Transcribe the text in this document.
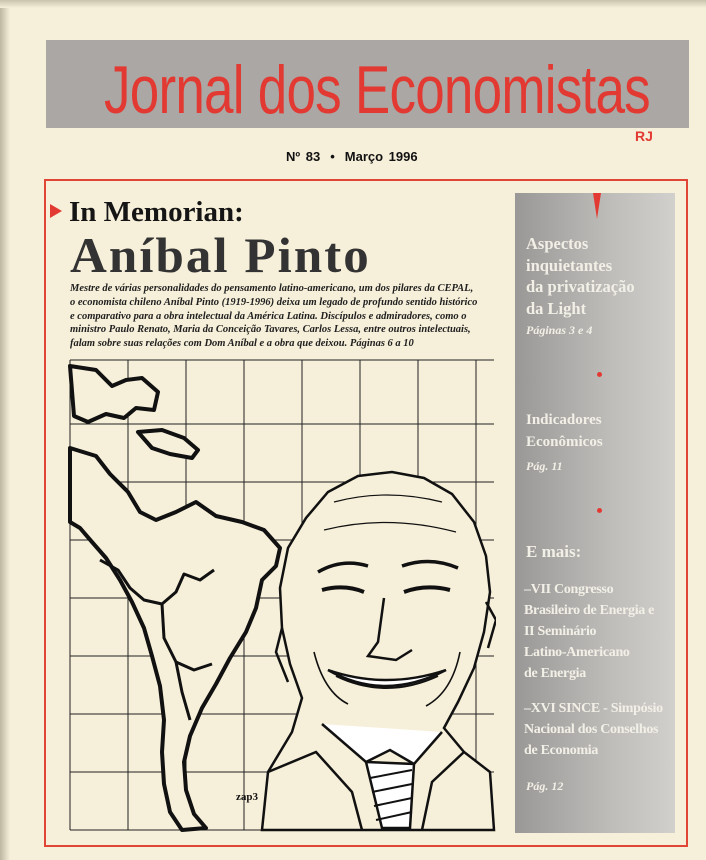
Jornal dos Economistas
RJ
Nº 83 • Março 1996
In Memorian:
Aníbal Pinto
Mestre de várias personalidades do pensamento latino-americano, um dos pilares da CEPAL,
o economista chileno Aníbal Pinto (1919-1996) deixa um legado de profundo sentido histórico
e comparativo para a obra intelectual da América Latina. Discípulos e admiradores, como o
ministro Paulo Renato, Maria da Conceição Tavares, Carlos Lessa, entre outros intelectuais,
falam sobre suas relações com Dom Aníbal e a obra que deixou. Páginas 6 a 10
zap3
Aspectos
inquietantes
da privatização
da Light
Páginas 3 e 4
Indicadores
Econômicos
Pág. 11
E mais:
–VII Congresso
Brasileiro de Energia e
II Seminário
Latino-Americano
de Energia
–XVI SINCE - Simpósio
Nacional dos Conselhos
de Economia
Pág. 12
